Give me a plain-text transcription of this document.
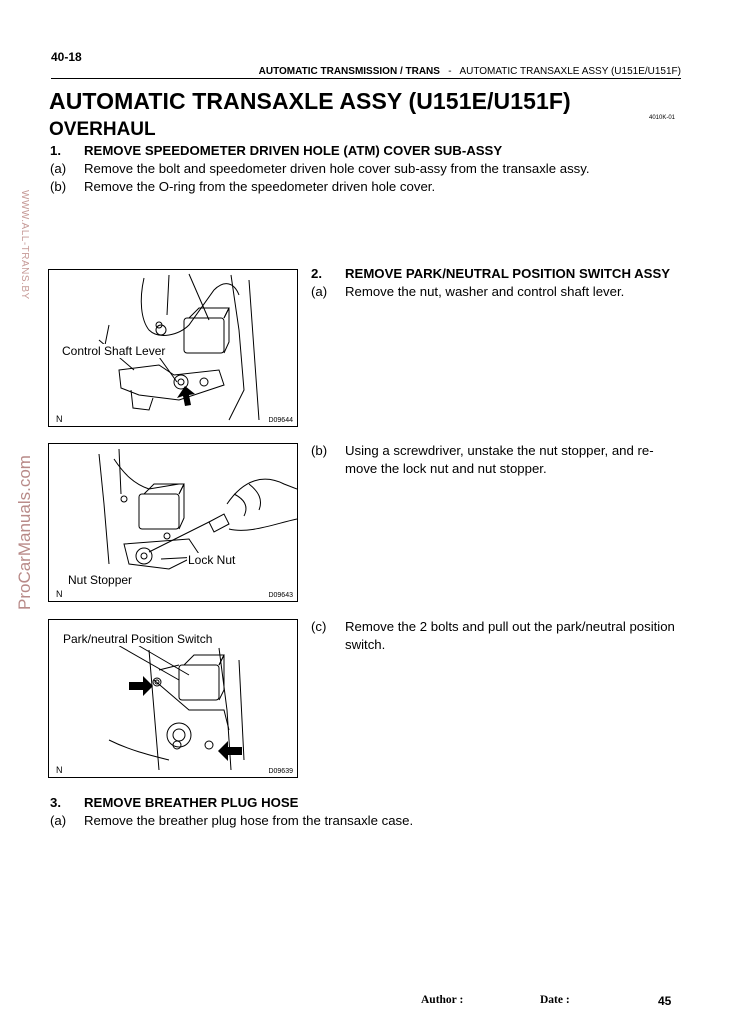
ProCarManuals.com
WWW.ALL-TRANS.BY
40-18
AUTOMATIC TRANSMISSION / TRANS - AUTOMATIC TRANSAXLE ASSY (U151E/U151F)
AUTOMATIC TRANSAXLE ASSY (U151E/U151F)
OVERHAUL
4010K-01
1. REMOVE SPEEDOMETER DRIVEN HOLE (ATM) COVER SUB-ASSY
(a) Remove the bolt and speedometer driven hole cover sub-assy from the transaxle assy.
(b) Remove the O-ring from the speedometer driven hole cover.
2. REMOVE PARK/NEUTRAL POSITION SWITCH ASSY
(a) Remove the nut, washer and control shaft lever.
(b) Using a screwdriver, unstake the nut stopper, and re-
move the lock nut and nut stopper.
(c) Remove the 2 bolts and pull out the park/neutral position
switch.
Control Shaft Lever
N	D09644
Lock Nut
Nut Stopper
N	D09643
Park/neutral Position Switch
N	D09639
3. REMOVE BREATHER PLUG HOSE
(a) Remove the breather plug hose from the transaxle case.
Author :	Date :	45
